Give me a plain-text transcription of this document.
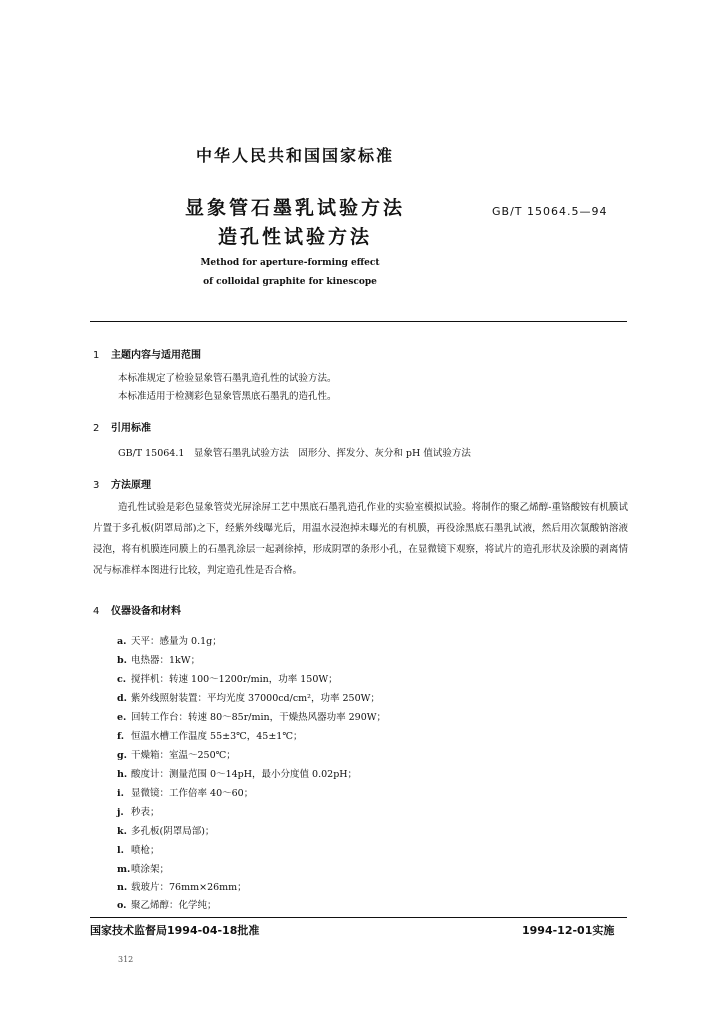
中华人民共和国国家标准
显象管石墨乳试验方法
造孔性试验方法
GB/T 15064.5—94
Method for aperture-forming effect
of colloidal graphite for kinescope
1 主题内容与适用范围
本标准规定了检验显象管石墨乳造孔性的试验方法。
本标准适用于检测彩色显象管黑底石墨乳的造孔性。
2 引用标准
GB/T 15064.1　显象管石墨乳试验方法　固形分、挥发分、灰分和 pH 值试验方法
3 方法原理
造孔性试验是彩色显象管荧光屏涂屏工艺中黑底石墨乳造孔作业的实验室模拟试验。将制作的聚乙烯醇-重铬酸铵有机膜试片置于多孔板(阴罩局部)之下，经紫外线曝光后，用温水浸泡掉未曝光的有机膜，再役涂黑底石墨乳试液，然后用次氯酸钠溶液浸泡，将有机膜连同膜上的石墨乳涂层一起剥徐掉，形成阴罩的条形小孔，在显微镜下观察，将试片的造孔形状及涂膜的剥离情况与标准样本图进行比较，判定造孔性是否合格。
4 仪器设备和材料
a. 天平：感量为 0.1g；
b. 电热器：1kW；
c. 搅拌机：转速 100～1200r/min，功率 150W；
d. 紫外线照射装置：平均光度 37000cd/cm²，功率 250W；
e. 回转工作台：转速 80～85r/min，干燥热风器功率 290W；
f. 恒温水槽工作温度 55±3℃，45±1℃；
g. 干燥箱：室温～250℃；
h. 酸度计：测量范围 0～14pH，最小分度值 0.02pH；
i. 显微镜：工作倍率 40～60；
j. 秒表；
k. 多孔板(阴罩局部)；
l. 喷枪；
m.喷涂架；
n. 载玻片：76mm×26mm；
o. 聚乙烯醇：化学纯；
国家技术监督局1994-04-18批准	1994-12-01实施
312
